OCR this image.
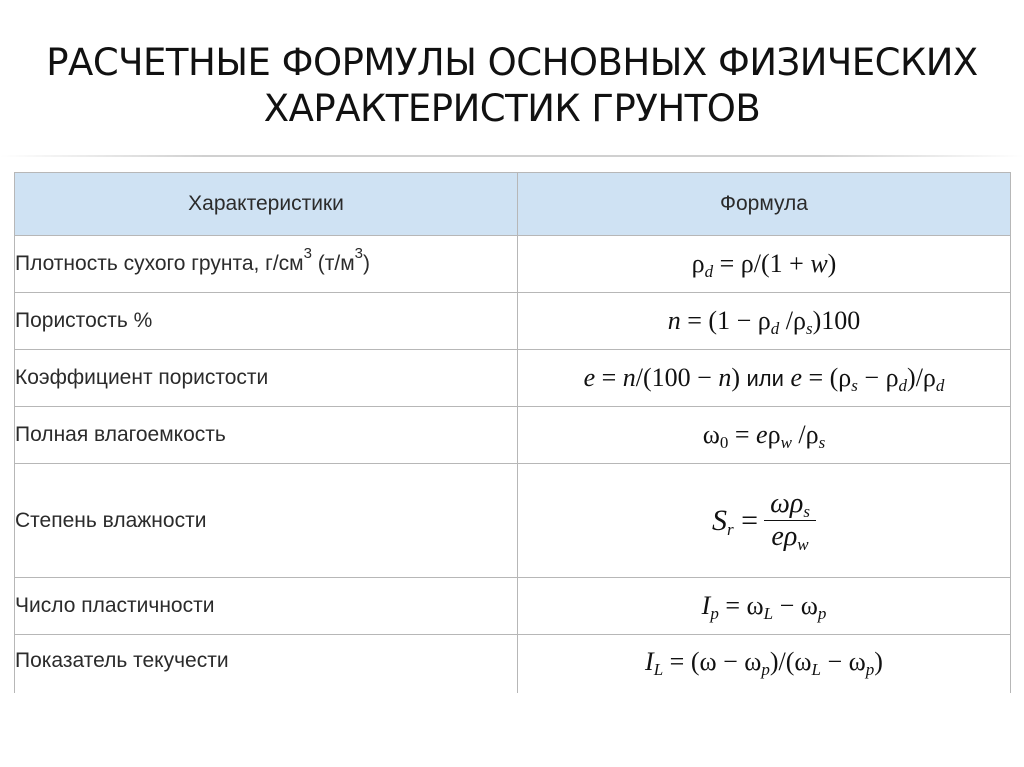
РАСЧЕТНЫЕ ФОРМУЛЫ ОСНОВНЫХ ФИЗИЧЕСКИХ
ХАРАКТЕРИСТИК ГРУНТОВ
Характеристики	Формула
Плотность сухого грунта, $г/см^3$ $(т/м^3)$	$\rho_d = \rho/(1 + w)$
Пористость %	$n = (1 - \rho_d$ $/\rho_s)100$
Коэффициент пористости	e = n/(100 − n) или $e = (\rho_s - \rho_d)/\rho_d$
Полная влагоемкость	$\omega_0 = e\rho_w$ $/\rho_s$
Степень влажности	$S_r = \frac{\omega\rho_s}{e\rho_w}$

Число пластичности	$I_p = \omega_L - \omega_p$
Показатель текучести	$I_L = (\omega - \omega_p)/(\omega_L - \omega_p)$
